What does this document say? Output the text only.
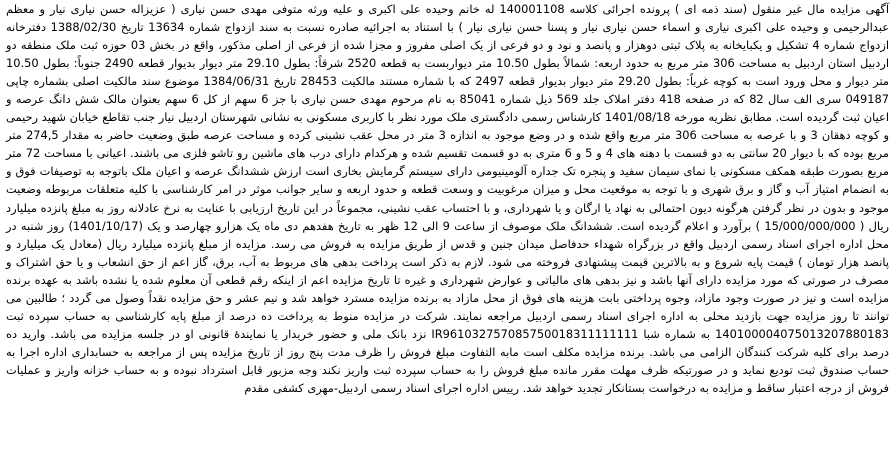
آگهی مزایده مال غیر منقول (سند ذمه ای ) پرونده اجرائی کلاسه 140001108 له خانم وحیده علی اکبری و علیه ورثه متوفی مهدی حسن نیاری ( عزیزاله حسن نیاری نیار و معظم عبدالرحیمی و وحیده علی اکبری نیاری و اسماء حسن نیاری نیار و پسنا حسن نیاری نیار ) با استناد به اجرائیه صادره نسبت به سند ازدواج شماره 13634 تاریخ 1388/02/30 دفترخانه ازدواج شماره 4 تشکیل و یکبایخانه به پلاک ثبتی دوهزار و پانصد و نود و دو فرعی از یک اصلی مفروز و مجزا شده از فرعی از اصلی مذکور، واقع در بخش 03 حوزه ثبت ملک منطقه دو اردبیل استان اردبیل به مساحت 306 متر مربع به حدود اربعه: شمالاً بطول 10.50 متر دیواربست به قطعه 2520 شرقاً: بطول 29.10 متر دیوار بدیوار قطعه 2490 جنوباً: بطول 10.50 متر دیوار و محل ورود است به کوچه غرباً: بطول 29.20 متر دیوار بدیوار قطعه 2497 که با شماره مستند مالکیت 28453 تاریخ 1384/06/31 موضوع سند مالکیت اصلی بشماره چاپی 049187 سری الف سال 82 که در صفحه 418 دفتر املاک جلد 569 ذیل شماره 85041 به نام مرحوم مهدی حسن نیاری با جز 6 سهم از کل 6 سهم بعنوان مالک شش دانگ عرصه و اعیان ثبت گردیده است. مطابق نظریه مورخه 1401/08/18 کارشناس رسمی دادگستری ملک مورد نظر با کاربری مسکونی به نشانی شهرستان اردبیل نیار جنب تقاطع خیابان شهید رحیمی و کوچه دهقان 3 و با عرصه به مساحت 306 متر مربع واقع شده و در وضع موجود به اندازه 3 متر در محل عقب نشینی کرده و مساحت عرصه طبق وضعیت حاضر به مقدار 274,5 متر مربع بوده که با دیوار 20 سانتی به دو قسمت با دهنه های 4 و 5 و 6 متری به دو قسمت تقسیم شده و هرکدام دارای درب های ماشین رو تاشو فلزی می باشند. اعیانی با مساحت 72 متر مربع بصورت طبقه همکف مسکونی با نمای سیمان سفید و پنجره تک جداره آلومینیومی دارای سیستم گرمایش بخاری است ارزش ششدانگ عرصه و اعیان ملک باتوجه به توصیفات فوق و به انضمام امتیاز آب و گاز و برق شهری و با توجه به موقعیت محل و میزان مرغوبیت و وسعت قطعه و حدود اربعه و سایر جوانب موثر در امر کارشناسی با کلیه متعلقات مربوطه وضعیت موجود و بدون در نظر گرفتن هرگونه دیون احتمالی به نهاد یا ارگان و یا شهرداری، و با احتساب عقب نشینی، مجموعاً در این تاریخ ارزیابی با عنایت به نرخ عادلانه روز به مبلغ پانزده میلیارد ریال ( 15/000/000/000 ) برآورد و اعلام گردیده است. ششدانگ ملک موصوف از ساعت 9 الی 12 ظهر به تاریخ هفدهم دی ماه یک هزارو چهارصد و یک (1401/10/17) روز شنبه در محل اداره اجرای اسناد رسمی اردبیل واقع در بزرگراه شهداء حدفاصل میدان جنین و قدس از طریق مزایده به فروش می رسد. مزایده از مبلغ پانزده میلیارد ریال (معادل یک میلیارد و پانصد هزار تومان ) قیمت پایه شروع و به بالاترین قیمت پیشنهادی فروخته می شود. لازم به ذکر است پرداخت بدهی های مربوط به آب، برق، گاز اعم از حق انشعاب و یا حق اشتراک و مصرف در صورتی که مورد مزایده دارای آنها باشد و نیز بدهی های مالیاتی و عوارض شهرداری و غیره تا تاریخ مزایده اعم از اینکه رقم قطعی آن معلوم شده یا نشده باشد به عهده برنده مزایده است و نیز در صورت وجود مازاد، وجوه پرداختی بابت هزینه های فوق از محل مازاد به برنده مزایده مسترد خواهد شد و نیم عشر و حق مزایده نقداً وصول می گردد ؛ طالبین می توانند تا روز مزایده جهت بازدید محلی به اداره اجرای اسناد رسمی اردبیل مراجعه نمایند. شرکت در مزایده منوط به پرداخت ده درصد از مبلغ پایه کارشناسی به حساب سپرده ثبت 140100004075013207880183 به شماره شبا IR961032757085750018311111111 نزد بانک ملی و حضور خریدار یا نمایندۀ قانونی او در جلسه مزایده می باشد. وارید ده درصد برای کلیه شرکت کنندگان الزامی می باشد. برنده مزایده مکلف است مابه التفاوت مبلغ فروش را ظرف مدت پنج روز از تاریخ مزایده پس از مراجعه به حسابداری اداره اجرا به حساب صندوق ثبت تودیع نماید و در صورتیکه ظرف مهلت مقرر مانده مبلغ فروش را به حساب سپرده ثبت واریز نکند وجه مزبور قابل استرداد نبوده و به حساب خزانه واریز و عملیات فروش از درجه اعتبار ساقط و مزایده به درخواست بستانکار تجدید خواهد شد. رییس اداره اجرای اسناد رسمی اردبیل-مهری کشفی مقدم
